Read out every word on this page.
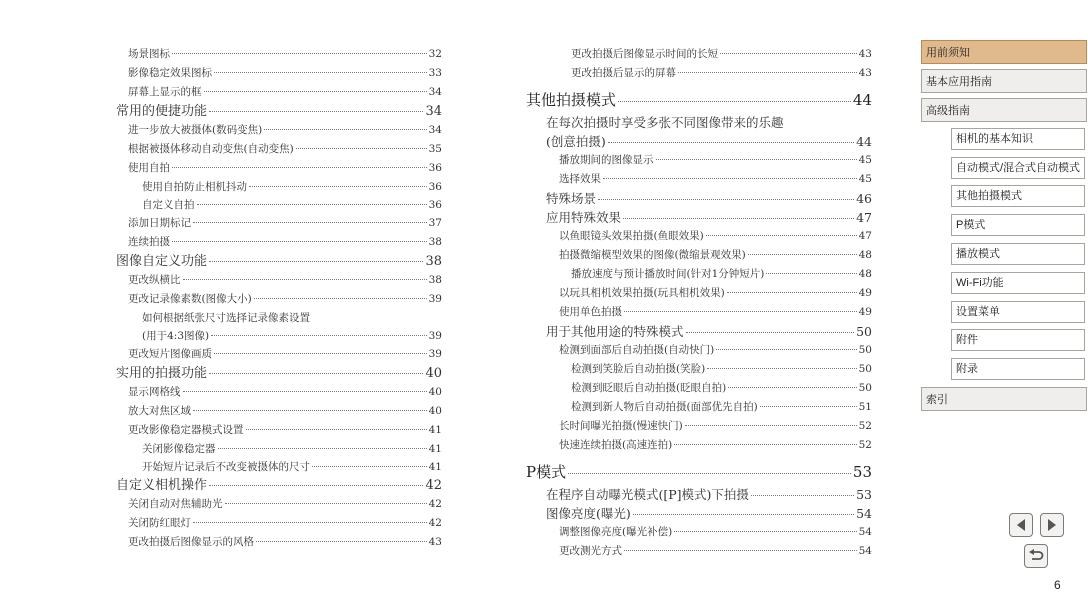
场景图标	32
影像稳定效果图标	33
屏幕上显示的框	34
常用的便捷功能	34
进一步放大被摄体(数码变焦)	34
根据被摄体移动自动变焦(自动变焦)	35
使用自拍	36
使用自拍防止相机抖动	36
自定义自拍	36
添加日期标记	37
连续拍摄	38
图像自定义功能	38
更改纵横比	38
更改记录像素数(图像大小)	39
如何根据纸张尺寸选择记录像素设置
(用于4:3图像)	39
更改短片图像画质	39
实用的拍摄功能	40
显示网格线	40
放大对焦区域	40
更改影像稳定器模式设置	41
关闭影像稳定器	41
开始短片记录后不改变被摄体的尺寸	41
自定义相机操作	42
关闭自动对焦辅助光	42
关闭防红眼灯	42
更改拍摄后图像显示的风格	43
更改拍摄后图像显示时间的长短	43
更改拍摄后显示的屏幕	43
其他拍摄模式	44
在每次拍摄时享受多张不同图像带来的乐趣
(创意拍摄)	44
播放期间的图像显示	45
选择效果	45
特殊场景	46
应用特殊效果	47
以鱼眼镜头效果拍摄(鱼眼效果)	47
拍摄微缩模型效果的图像(微缩景观效果)	48
播放速度与预计播放时间(针对1分钟短片)	48
以玩具相机效果拍摄(玩具相机效果)	49
使用单色拍摄	49
用于其他用途的特殊模式	50
检测到面部后自动拍摄(自动快门)	50
检测到笑脸后自动拍摄(笑脸)	50
检测到眨眼后自动拍摄(眨眼自拍)	50
检测到新人物后自动拍摄(面部优先自拍)	51
长时间曝光拍摄(慢速快门)	52
快速连续拍摄(高速连拍)	52
P模式	53
在程序自动曝光模式([P]模式)下拍摄	53
图像亮度(曝光)	54
调整图像亮度(曝光补偿)	54
更改测光方式	54
用前须知
基本应用指南
高级指南
相机的基本知识
自动模式/混合式自动模式
其他拍摄模式
P模式
播放模式
Wi-Fi功能
设置菜单
附件
附录
索引
6
